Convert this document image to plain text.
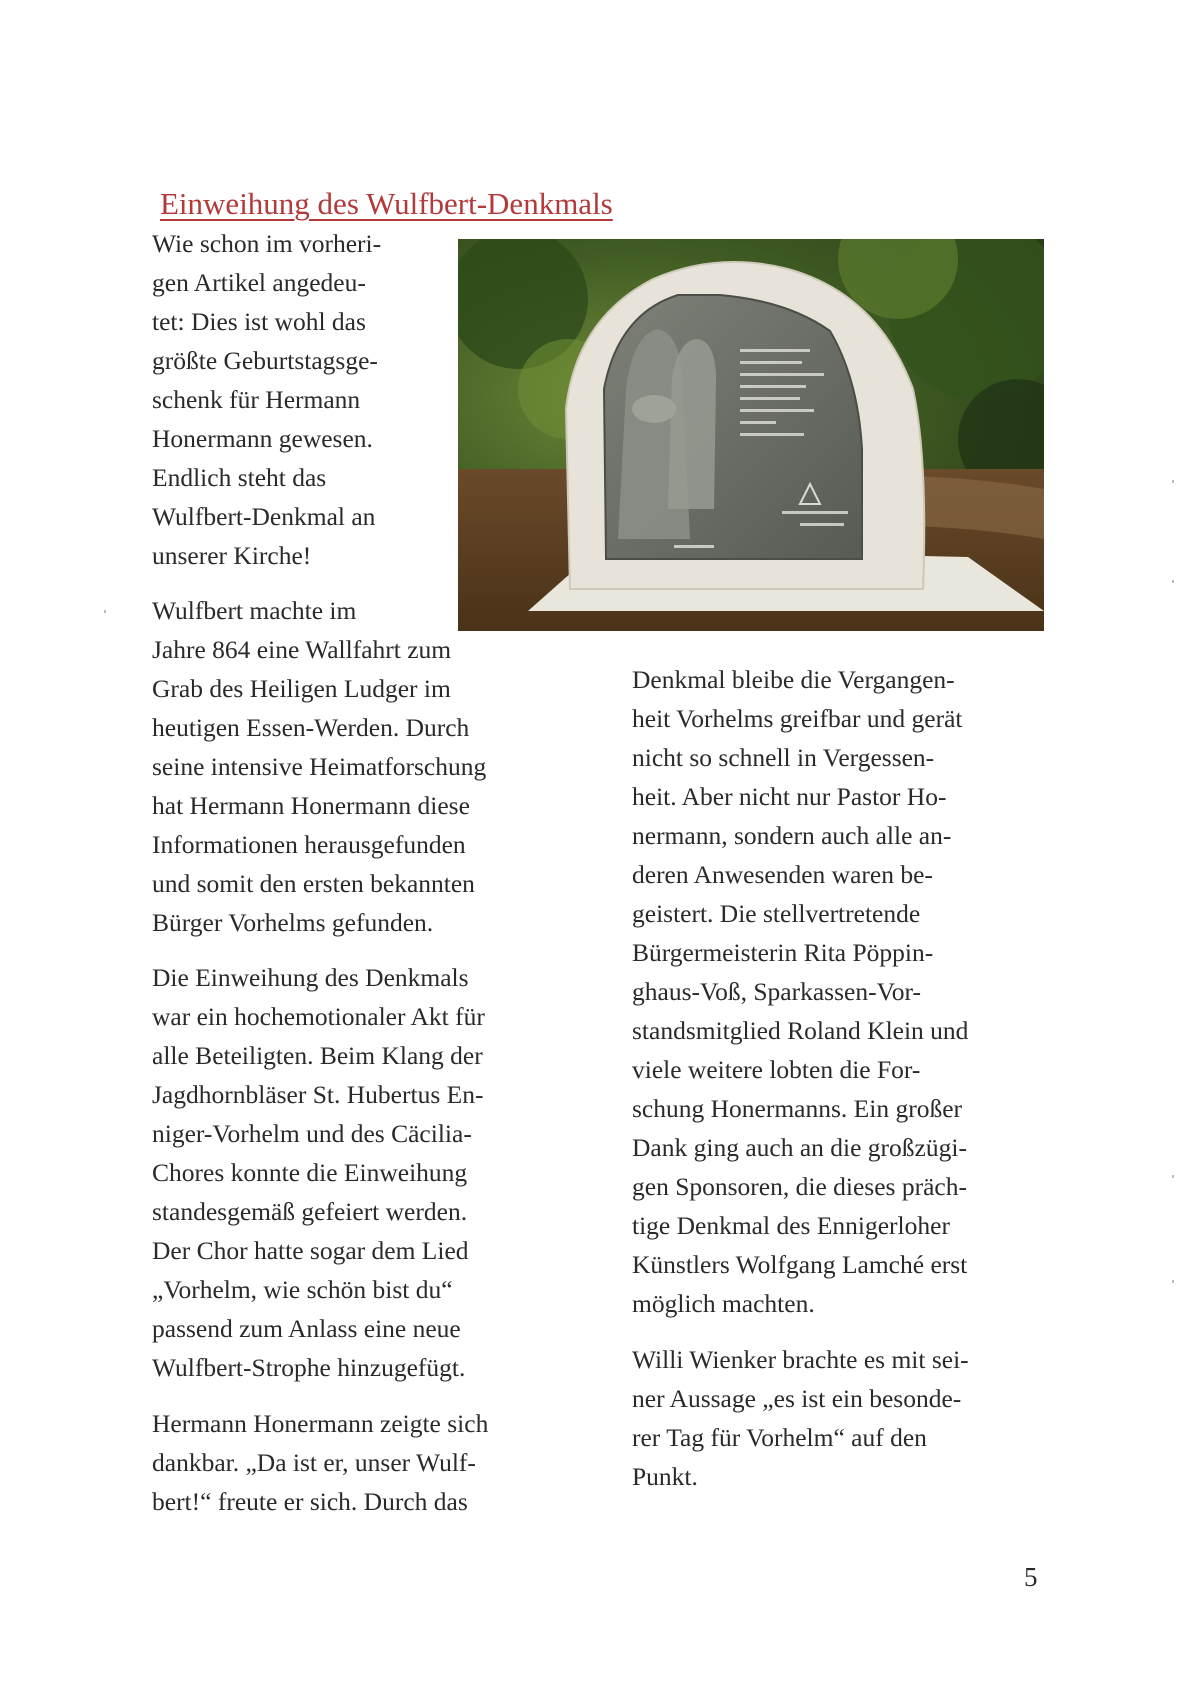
Einweihung des Wulfbert-Denkmals

Wie schon im vorheri-
gen Artikel angedeu-
tet: Dies ist wohl das
größte Geburtstagsge-
schenk für Hermann
Honermann gewesen.
Endlich steht das
Wulfbert-Denkmal an
unserer Kirche!

Wulfbert machte im
Jahre 864 eine Wallfahrt zum
Grab des Heiligen Ludger im
heutigen Essen-Werden. Durch
seine intensive Heimatforschung
hat Hermann Honermann diese
Informationen herausgefunden
und somit den ersten bekannten
Bürger Vorhelms gefunden.

Die Einweihung des Denkmals
war ein hochemotionaler Akt für
alle Beteiligten. Beim Klang der
Jagdhornbläser St. Hubertus En-
niger-Vorhelm und des Cäcilia-
Chores konnte die Einweihung
standesgemäß gefeiert werden.
Der Chor hatte sogar dem Lied
„Vorhelm, wie schön bist du“
passend zum Anlass eine neue
Wulfbert-Strophe hinzugefügt.

Hermann Honermann zeigte sich
dankbar. „Da ist er, unser Wulf-
bert!“ freute er sich. Durch das

Denkmal bleibe die Vergangen-
heit Vorhelms greifbar und gerät
nicht so schnell in Vergessen-
heit. Aber nicht nur Pastor Ho-
nermann, sondern auch alle an-
deren Anwesenden waren be-
geistert. Die stellvertretende
Bürgermeisterin Rita Pöppin-
ghaus-Voß, Sparkassen-Vor-
standsmitglied Roland Klein und
viele weitere lobten die For-
schung Honermanns. Ein großer
Dank ging auch an die großzügi-
gen Sponsoren, die dieses präch-
tige Denkmal des Ennigerloher
Künstlers Wolfgang Lamché erst
möglich machten.

Willi Wienker brachte es mit sei-
ner Aussage „es ist ein besonde-
rer Tag für Vorhelm“ auf den
Punkt.

5
